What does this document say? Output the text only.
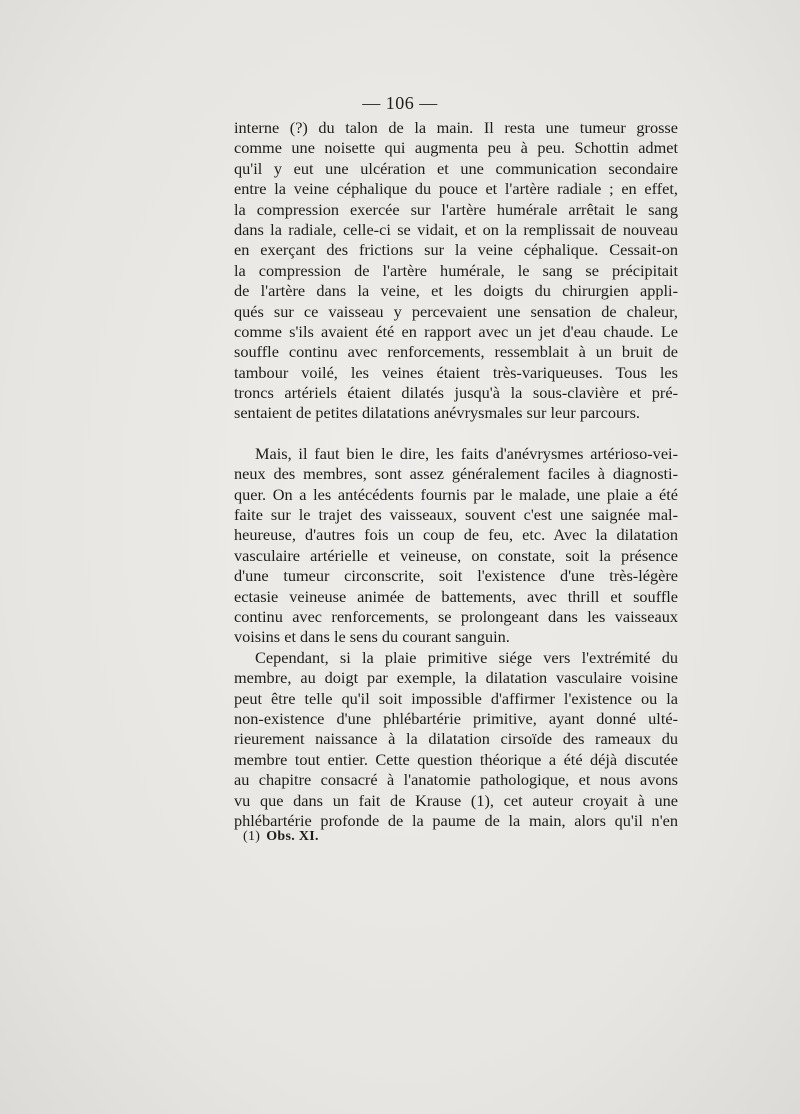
— 106 —

interne (?) du talon de la main. Il resta une tumeur grosse

comme une noisette qui augmenta peu à peu. Schottin admet

qu'il y eut une ulcération et une communication secondaire

entre la veine céphalique du pouce et l'artère radiale ; en effet,

la compression exercée sur l'artère humérale arrêtait le sang

dans la radiale, celle-ci se vidait, et on la remplissait de nouveau

en exerçant des frictions sur la veine céphalique. Cessait-on

la compression de l'artère humérale, le sang se précipitait

de l'artère dans la veine, et les doigts du chirurgien appli-

qués sur ce vaisseau y percevaient une sensation de chaleur,

comme s'ils avaient été en rapport avec un jet d'eau chaude. Le

souffle continu avec renforcements, ressemblait à un bruit de

tambour voilé, les veines étaient très-variqueuses. Tous les

troncs artériels étaient dilatés jusqu'à la sous-clavière et pré-

sentaient de petites dilatations anévrysmales sur leur parcours.

Mais, il faut bien le dire, les faits d'anévrysmes artérioso-vei-

neux des membres, sont assez généralement faciles à diagnosti-

quer. On a les antécédents fournis par le malade, une plaie a été

faite sur le trajet des vaisseaux, souvent c'est une saignée mal-

heureuse, d'autres fois un coup de feu, etc. Avec la dilatation

vasculaire artérielle et veineuse, on constate, soit la présence

d'une tumeur circonscrite, soit l'existence d'une très-légère

ectasie veineuse animée de battements, avec thrill et souffle

continu avec renforcements, se prolongeant dans les vaisseaux

voisins et dans le sens du courant sanguin.

Cependant, si la plaie primitive siége vers l'extrémité du

membre, au doigt par exemple, la dilatation vasculaire voisine

peut être telle qu'il soit impossible d'affirmer l'existence ou la

non-existence d'une phlébartérie primitive, ayant donné ulté-

rieurement naissance à la dilatation cirsoïde des rameaux du

membre tout entier. Cette question théorique a été déjà discutée

au chapitre consacré à l'anatomie pathologique, et nous avons

vu que dans un fait de Krause (1), cet auteur croyait à une

phlébartérie profonde de la paume de la main, alors qu'il n'en

(1) Obs. XI.
